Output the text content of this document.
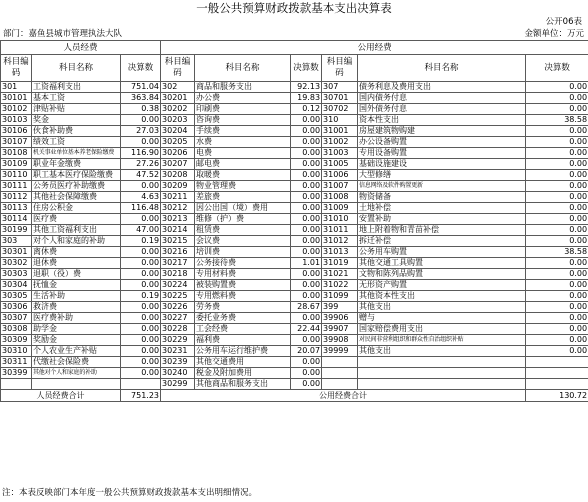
一般公共预算财政拨款基本支出决算表
公开06表
部门：嘉鱼县城市管理执法大队	金额单位：万元
人员经费			公用经费					
科目编码	科目名称	决算数	科目编码	科目名称	决算数	科目编码	科目名称	决算数
301	工资福利支出	751.04	302	商品和服务支出	92.13	307	债务利息及费用支出	0.00
30101	基本工资	363.84	30201	办公费	19.83	30701	国内债务付息	0.00
30102	津贴补贴	0.38	30202	印刷费	0.12	30702	国外债务付息	0.00
30103	奖金	0.00	30203	咨询费	0.00	310	资本性支出	38.58
30106	伙食补助费	27.03	30204	手续费	0.00	31001	房屋建筑物购建	0.00
30107	绩效工资	0.00	30205	水费	0.00	31002	办公设备购置	0.00
30108	机关事业单位基本养老保险缴费	116.90	30206	电费	0.00	31003	专用设备购置	0.00
30109	职业年金缴费	27.26	30207	邮电费	0.00	31005	基础设施建设	0.00
30110	职工基本医疗保险缴费	47.52	30208	取暖费	0.00	31006	大型修缮	0.00
30111	公务员医疗补助缴费	0.00	30209	物业管理费	0.00	31007	信息网络及软件购置更新	0.00
30112	其他社会保障缴费	4.63	30211	差旅费	0.00	31008	物资储备	0.00
30113	住房公积金	116.48	30212	因公出国（境）费用	0.00	31009	土地补偿	0.00
30114	医疗费	0.00	30213	维修（护）费	0.00	31010	安置补助	0.00
30199	其他工资福利支出	47.00	30214	租赁费	0.00	31011	地上附着物和青苗补偿	0.00
303	对个人和家庭的补助	0.19	30215	会议费	0.00	31012	拆迁补偿	0.00
30301	离休费	0.00	30216	培训费	0.00	31013	公务用车购置	38.58
30302	退休费	0.00	30217	公务接待费	1.01	31019	其他交通工具购置	0.00
30303	退职（役）费	0.00	30218	专用材料费	0.00	31021	文物和陈列品购置	0.00
30304	抚恤金	0.00	30224	被装购置费	0.00	31022	无形资产购置	0.00
30305	生活补助	0.19	30225	专用燃料费	0.00	31099	其他资本性支出	0.00
30306	救济费	0.00	30226	劳务费	28.67	399	其他支出	0.00
30307	医疗费补助	0.00	30227	委托业务费	0.00	39906	赠与	0.00
30308	助学金	0.00	30228	工会经费	22.44	39907	国家赔偿费用支出	0.00
30309	奖励金	0.00	30229	福利费	0.00	39908	对民间非营利组织和群众性自治组织补贴	0.00
30310	个人农业生产补贴	0.00	30231	公务用车运行维护费	20.07	39999	其他支出	0.00
30311	代缴社会保险费	0.00	30239	其他交通费用	0.00			
30399	其他对个人和家庭的补助	0.00	30240	税金及附加费用	0.00			
			30299	其他商品和服务支出	0.00			
人员经费合计		751.23	公用经费合计					130.72
注：本表反映部门本年度一般公共预算财政拨款基本支出明细情况。
